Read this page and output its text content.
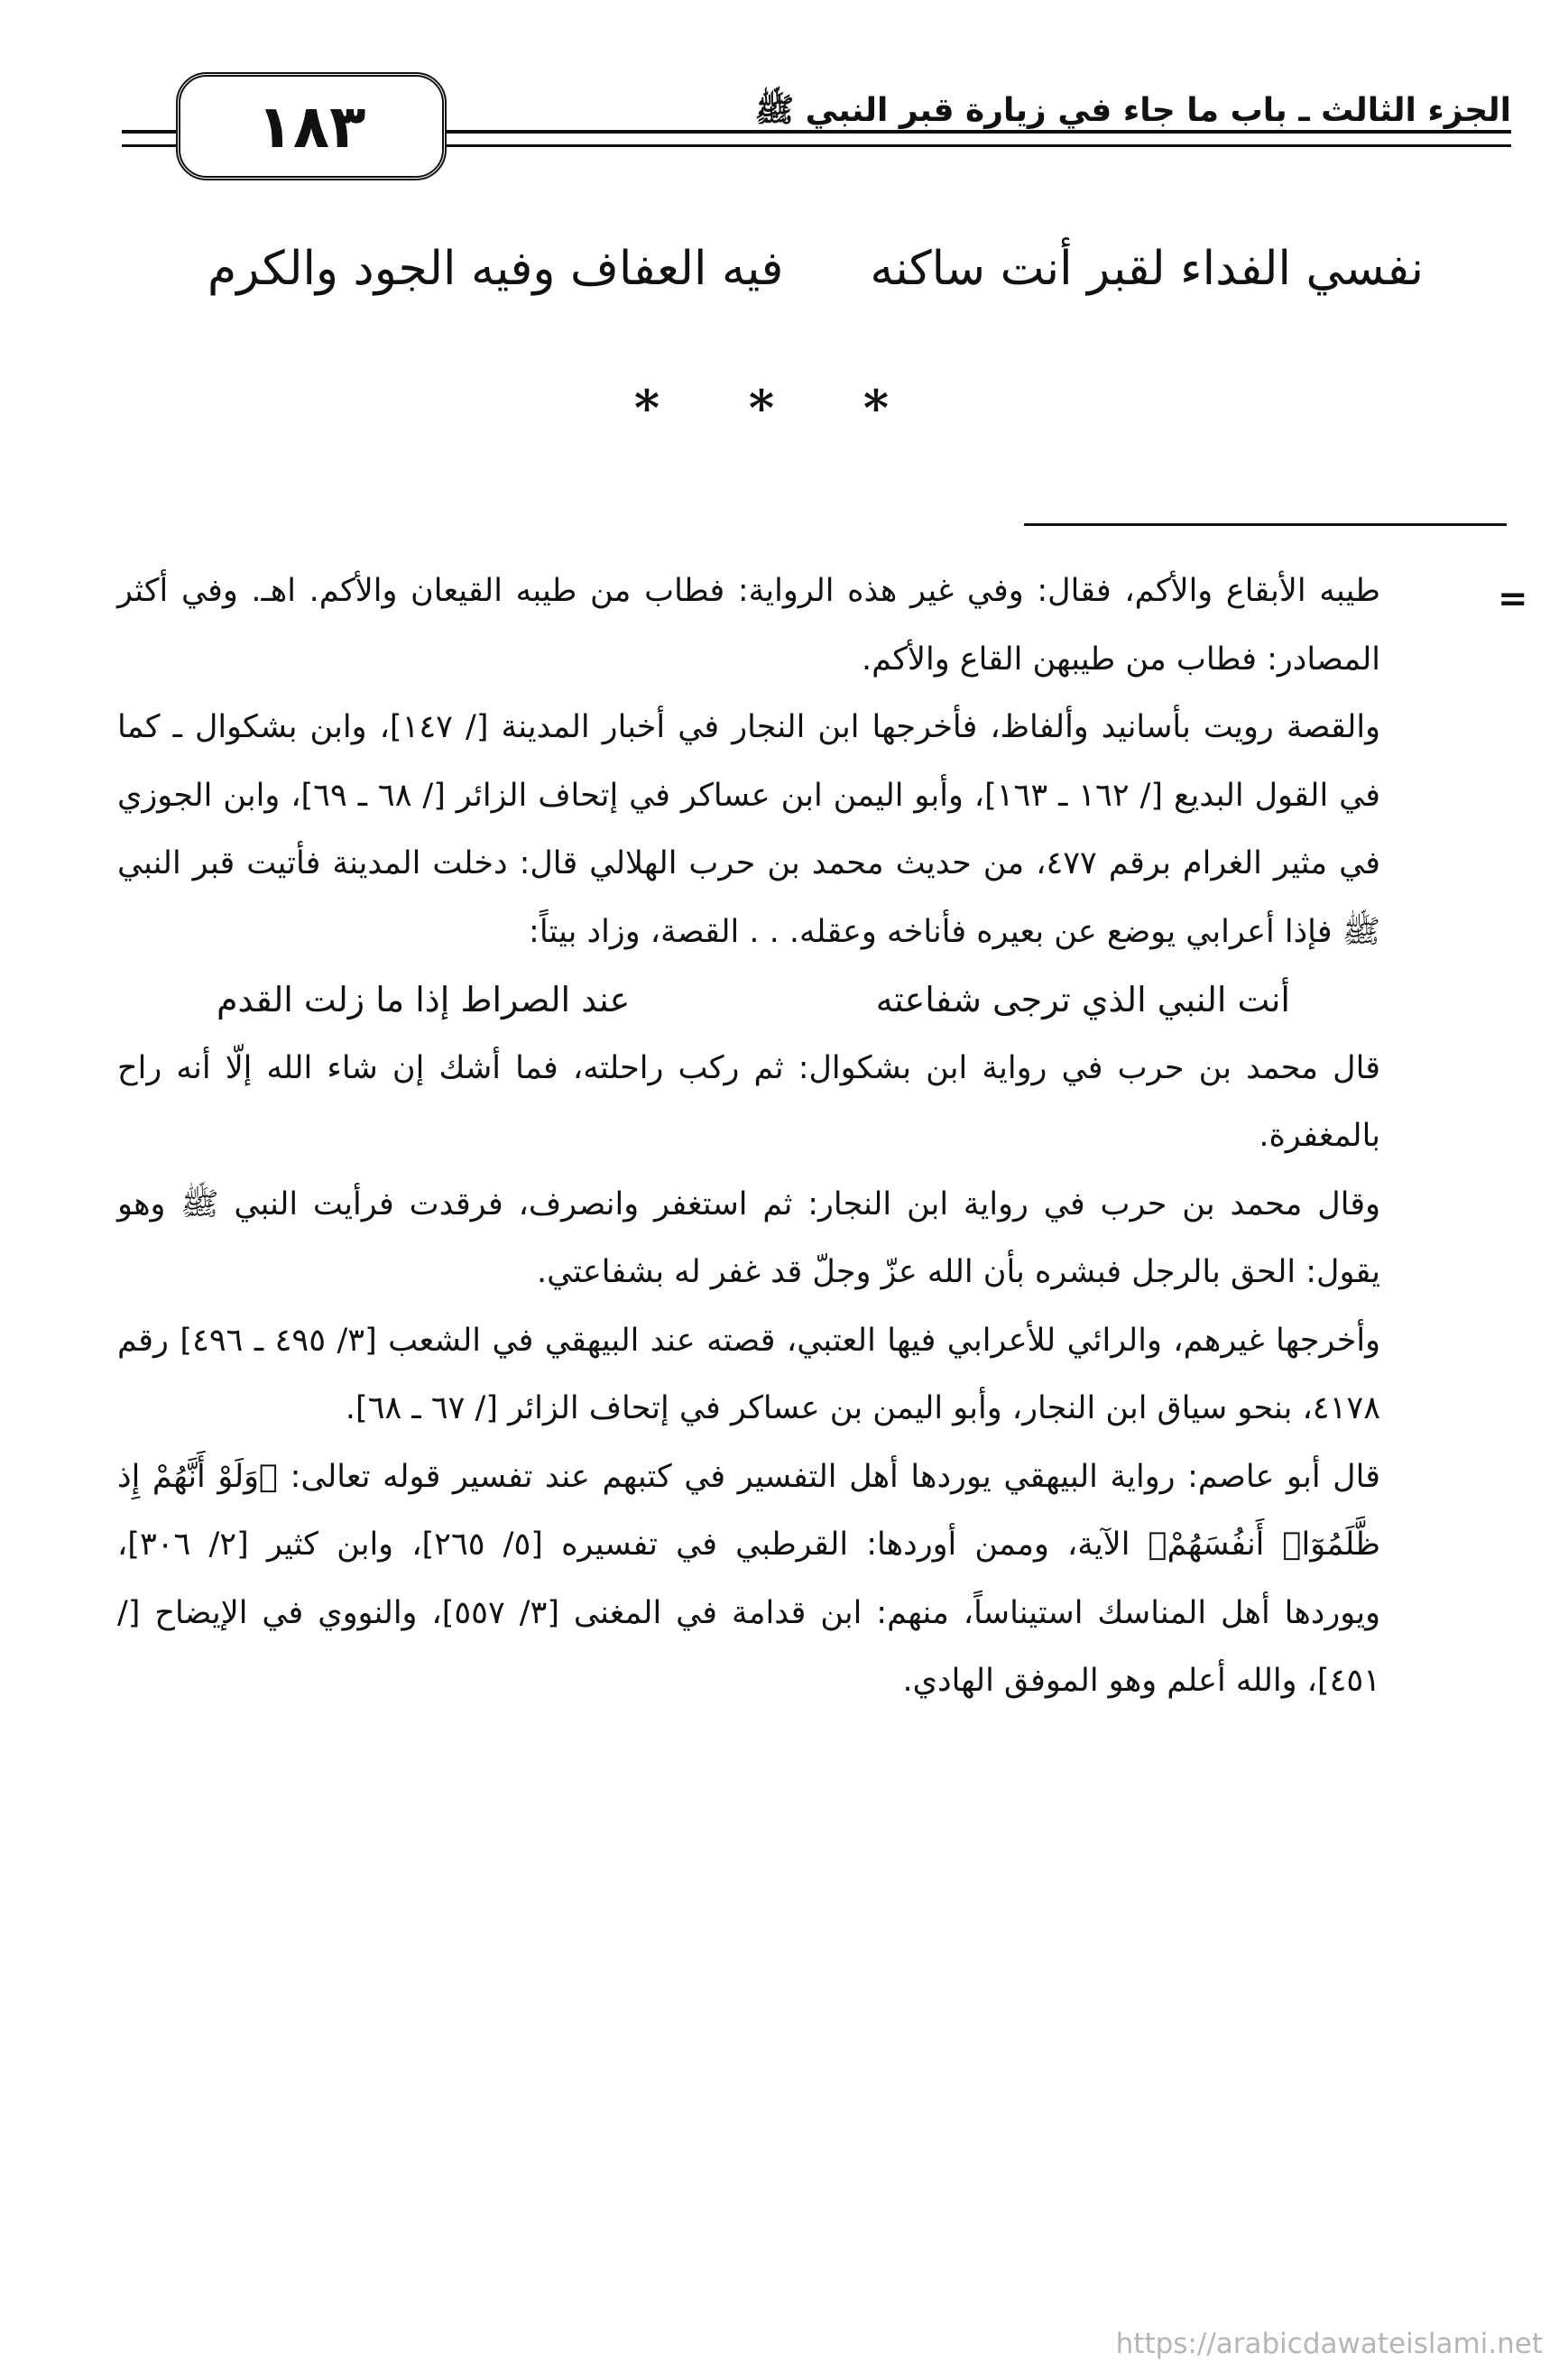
١٨٣	الجزء الثالث ـ باب ما جاء في زيارة قبر النبي ﷺ
نفسي الفداء لقبر أنت ساكنه
فيه العفاف وفيه الجود والكرم
* * *
=

طيبه الأبقاع والأكم، فقال: وفي غير هذه الرواية: فطاب من طيبه القيعان والأكم. اهـ. وفي أكثر المصادر: فطاب من طيبهن القاع والأكم.

والقصة رويت بأسانيد وألفاظ، فأخرجها ابن النجار في أخبار المدينة [/ ١٤٧]، وابن بشكوال ـ كما في القول البديع [/ ١٦٢ ـ ١٦٣]، وأبو اليمن ابن عساكر في إتحاف الزائر [/ ٦٨ ـ ٦٩]، وابن الجوزي في مثير الغرام برقم ٤٧٧، من حديث محمد بن حرب الهلالي قال: دخلت المدينة فأتيت قبر النبي ﷺ فإذا أعرابي يوضع عن بعيره فأناخه وعقله. . . القصة، وزاد بيتاً:

أنت النبي الذي ترجى شفاعته
عند الصراط إذا ما زلت القدم

قال محمد بن حرب في رواية ابن بشكوال: ثم ركب راحلته، فما أشك إن شاء الله إلّا أنه راح بالمغفرة.

وقال محمد بن حرب في رواية ابن النجار: ثم استغفر وانصرف، فرقدت فرأيت النبي ﷺ وهو يقول: الحق بالرجل فبشره بأن الله عزّ وجلّ قد غفر له بشفاعتي.

وأخرجها غيرهم، والرائي للأعرابي فيها العتبي، قصته عند البيهقي في الشعب [٣/ ٤٩٥ ـ ٤٩٦] رقم ٤١٧٨، بنحو سياق ابن النجار، وأبو اليمن بن عساكر في إتحاف الزائر [/ ٦٧ ـ ٦٨].

قال أبو عاصم: رواية البيهقي يوردها أهل التفسير في كتبهم عند تفسير قوله تعالى: ﴿وَلَوْ أَنَّهُمْ إِذ ظَّلَمُوٓا۟ أَنفُسَهُمْ﴾ الآية، وممن أوردها: القرطبي في تفسيره [٥/ ٢٦٥]، وابن كثير [٢/ ٣٠٦]، ويوردها أهل المناسك استيناساً، منهم: ابن قدامة في المغنى [٣/ ٥٥٧]، والنووي في الإيضاح [/ ٤٥١]، والله أعلم وهو الموفق الهادي.

https://arabicdawateislami.net
